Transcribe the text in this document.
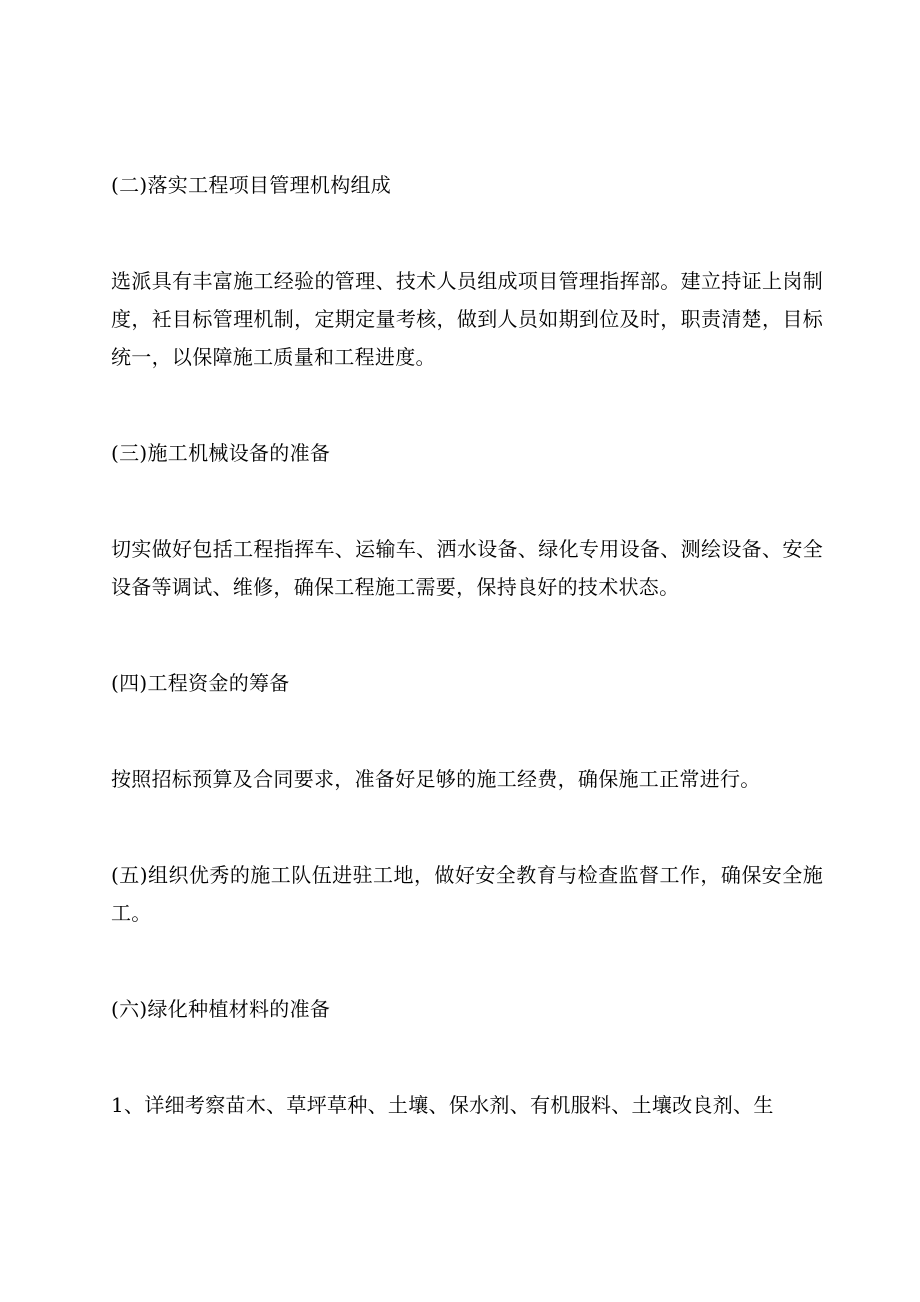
(二)落实工程项目管理机构组成

选派具有丰富施工经验的管理、技术人员组成项目管理指挥部。建立持证上岗制度，衽目标管理机制，定期定量考核，做到人员如期到位及时，职责清楚，目标统一，以保障施工质量和工程进度。

(三)施工机械设备的准备

切实做好包括工程指挥车、运输车、洒水设备、绿化专用设备、测绘设备、安全设备等调试、维修，确保工程施工需要，保持良好的技术状态。

(四)工程资金的筹备

按照招标预算及合同要求，准备好足够的施工经费，确保施工正常进行。

(五)组织优秀的施工队伍进驻工地，做好安全教育与检查监督工作，确保安全施工。

(六)绿化种植材料的准备

1、详细考察苗木、草坪草种、土壤、保水剂、有机服料、土壤改良剂、生
